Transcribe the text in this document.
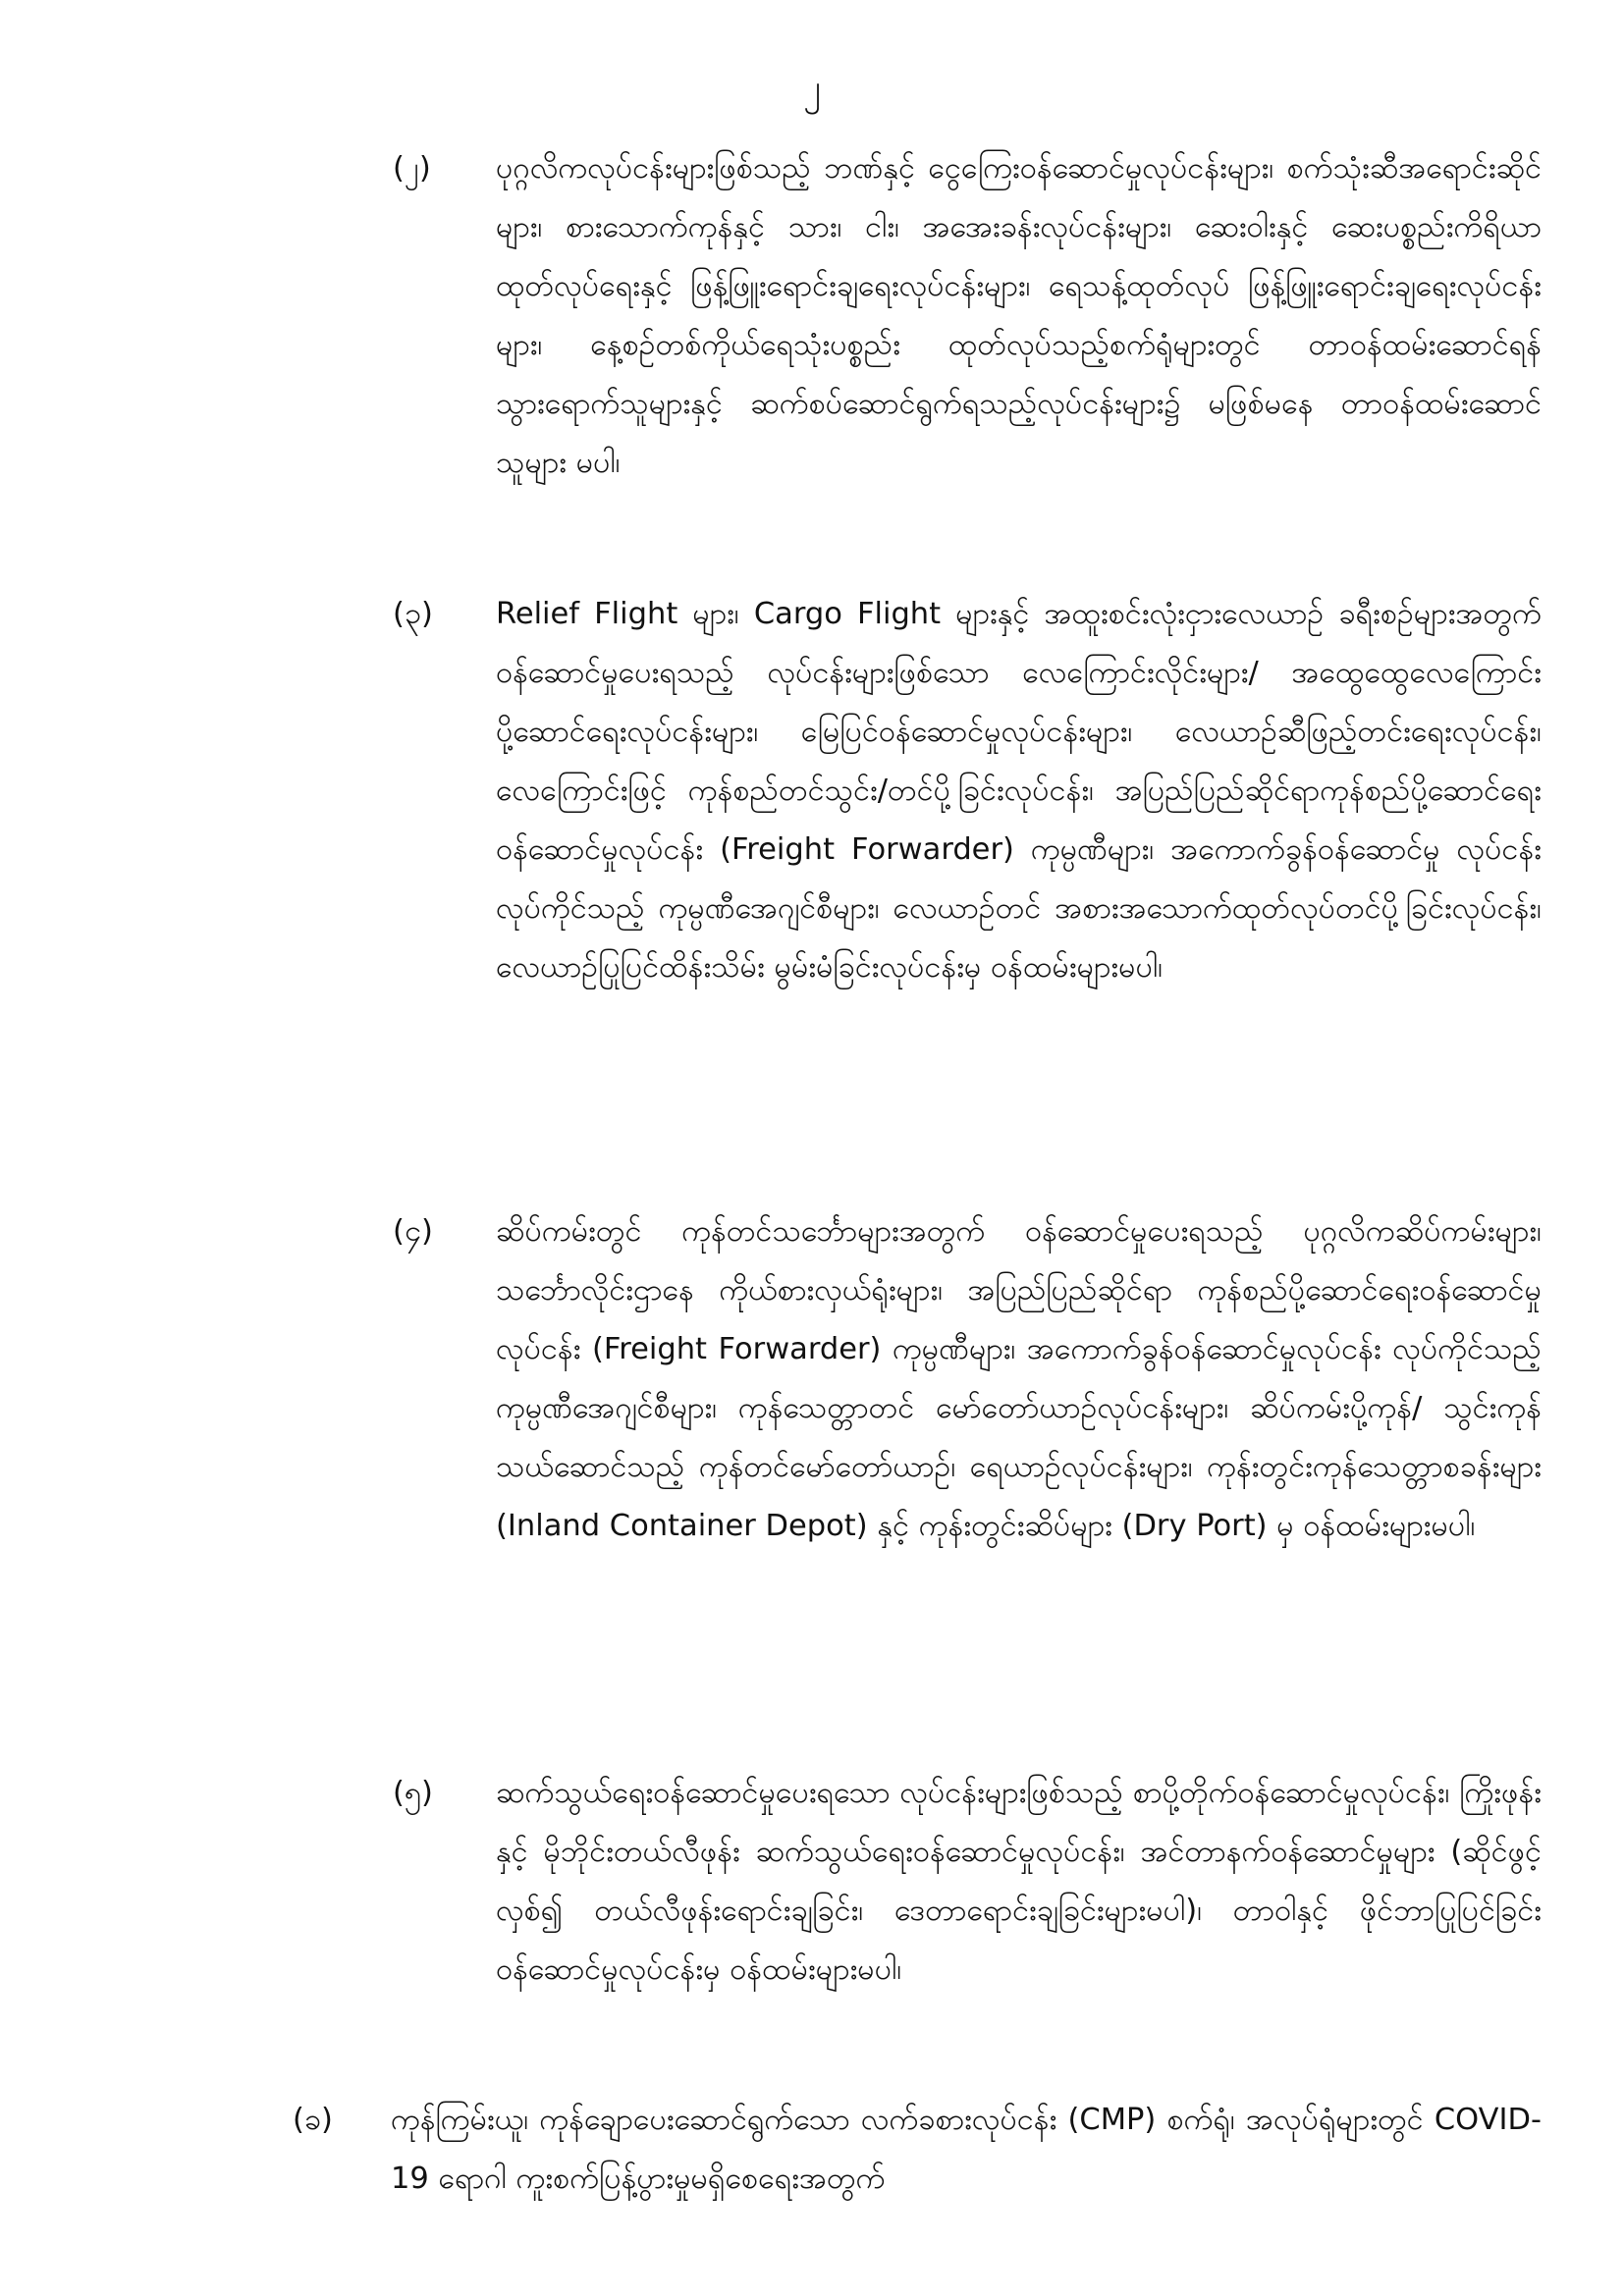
၂
(၂) ပုဂ္ဂလိကလုပ်ငန်းများဖြစ်သည့် ဘဏ်နှင့် ငွေကြေးဝန်ဆောင်မှုလုပ်ငန်းများ၊ စက်သုံးဆီအရောင်းဆိုင်များ၊ စားသောက်ကုန်နှင့် သား၊ ငါး၊ အအေးခန်းလုပ်ငန်းများ၊ ဆေးဝါးနှင့် ဆေးပစ္စည်းကိရိယာ ထုတ်လုပ်ရေးနှင့် ဖြန့်ဖြူးရောင်းချရေးလုပ်ငန်းများ၊ ရေသန့်ထုတ်လုပ် ဖြန့်ဖြူးရောင်းချရေးလုပ်ငန်းများ၊ နေ့စဉ်တစ်ကိုယ်ရေသုံးပစ္စည်း ထုတ်လုပ်သည့်စက်ရုံများတွင် တာဝန်ထမ်းဆောင်ရန် သွားရောက်သူများနှင့် ဆက်စပ်ဆောင်ရွက်ရသည့်လုပ်ငန်းများ၌ မဖြစ်မနေ တာဝန်ထမ်းဆောင်သူများ မပါ၊
(၃) Relief Flight များ၊ Cargo Flight များနှင့် အထူးစင်းလုံးငှားလေယာဉ် ခရီးစဉ်များအတွက် ဝန်ဆောင်မှုပေးရသည့် လုပ်ငန်းများဖြစ်သော လေကြောင်းလိုင်းများ/ အထွေထွေလေကြောင်းပို့ဆောင်ရေးလုပ်ငန်းများ၊ မြေပြင်ဝန်ဆောင်မှုလုပ်ငန်းများ၊ လေယာဉ်ဆီဖြည့်တင်းရေးလုပ်ငန်း၊ လေကြောင်းဖြင့် ကုန်စည်တင်သွင်း/တင်ပို့ခြင်းလုပ်ငန်း၊ အပြည်ပြည်ဆိုင်ရာကုန်စည်ပို့ဆောင်ရေး ဝန်ဆောင်မှုလုပ်ငန်း (Freight Forwarder) ကုမ္ပဏီများ၊ အကောက်ခွန်ဝန်ဆောင်မှု လုပ်ငန်းလုပ်ကိုင်သည့် ကုမ္ပဏီအေဂျင်စီများ၊ လေယာဉ်တင် အစားအသောက်ထုတ်လုပ်တင်ပို့ခြင်းလုပ်ငန်း၊ လေယာဉ်ပြုပြင်ထိန်းသိမ်း မွမ်းမံခြင်းလုပ်ငန်းမှ ဝန်ထမ်းများမပါ၊
(၄) ဆိပ်ကမ်းတွင် ကုန်တင်သင်္ဘောများအတွက် ဝန်ဆောင်မှုပေးရသည့် ပုဂ္ဂလိကဆိပ်ကမ်းများ၊ သင်္ဘောလိုင်းဌာနေ ကိုယ်စားလှယ်ရုံးများ၊ အပြည်ပြည်ဆိုင်ရာ ကုန်စည်ပို့ဆောင်ရေးဝန်ဆောင်မှုလုပ်ငန်း (Freight Forwarder) ကုမ္ပဏီများ၊ အကောက်ခွန်ဝန်ဆောင်မှုလုပ်ငန်း လုပ်ကိုင်သည့် ကုမ္ပဏီအေဂျင်စီများ၊ ကုန်သေတ္တာတင် မော်တော်ယာဉ်လုပ်ငန်းများ၊ ဆိပ်ကမ်းပို့ကုန်/ သွင်းကုန်သယ်ဆောင်သည့် ကုန်တင်မော်တော်ယာဉ်၊ ရေယာဉ်လုပ်ငန်းများ၊ ကုန်းတွင်းကုန်သေတ္တာစခန်းများ (Inland Container Depot) နှင့် ကုန်းတွင်းဆိပ်များ (Dry Port) မှ ဝန်ထမ်းများမပါ၊
(၅) ဆက်သွယ်ရေးဝန်ဆောင်မှုပေးရသော လုပ်ငန်းများဖြစ်သည့် စာပို့တိုက်ဝန်ဆောင်မှုလုပ်ငန်း၊ ကြိုးဖုန်းနှင့် မိုဘိုင်းတယ်လီဖုန်း ဆက်သွယ်ရေးဝန်ဆောင်မှုလုပ်ငန်း၊ အင်တာနက်ဝန်ဆောင်မှုများ (ဆိုင်ဖွင့်လှစ်၍ တယ်လီဖုန်းရောင်းချခြင်း၊ ဒေတာရောင်းချခြင်းများမပါ)၊ တာဝါနှင့် ဖိုင်ဘာပြုပြင်ခြင်း ဝန်ဆောင်မှုလုပ်ငန်းမှ ဝန်ထမ်းများမပါ၊
(ခ) ကုန်ကြမ်းယူ၊ ကုန်ချောပေးဆောင်ရွက်သော လက်ခစားလုပ်ငန်း (CMP) စက်ရုံ၊ အလုပ်ရုံများတွင် COVID-19 ရောဂါ ကူးစက်ပြန့်ပွားမှုမရှိစေရေးအတွက်
